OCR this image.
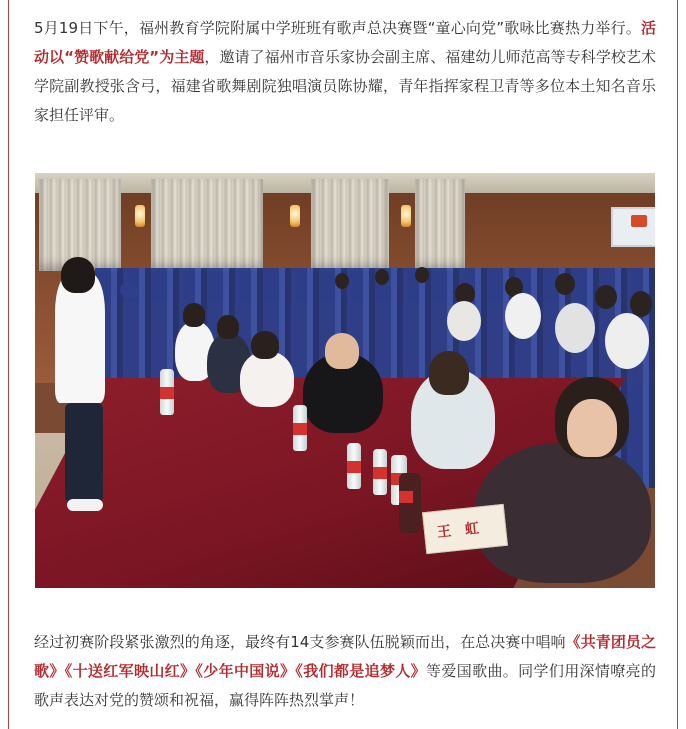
5月19日下午，福州教育学院附属中学班班有歌声总决赛暨“童心向党”歌咏比赛热力举行。活动以“赞歌献给党”为主题，邀请了福州市音乐家协会副主席、福建幼儿师范高等专科学校艺术学院副教授张含弓，福建省歌舞剧院独唱演员陈协耀，青年指挥家程卫青等多位本土知名音乐家担任评审。

王虹

经过初赛阶段紧张激烈的角逐，最终有14支参赛队伍脱颖而出，在总决赛中唱响《共青团员之歌》《十送红军映山红》《少年中国说》《我们都是追梦人》等爱国歌曲。同学们用深情嘹亮的歌声表达对党的赞颂和祝福，赢得阵阵热烈掌声！
